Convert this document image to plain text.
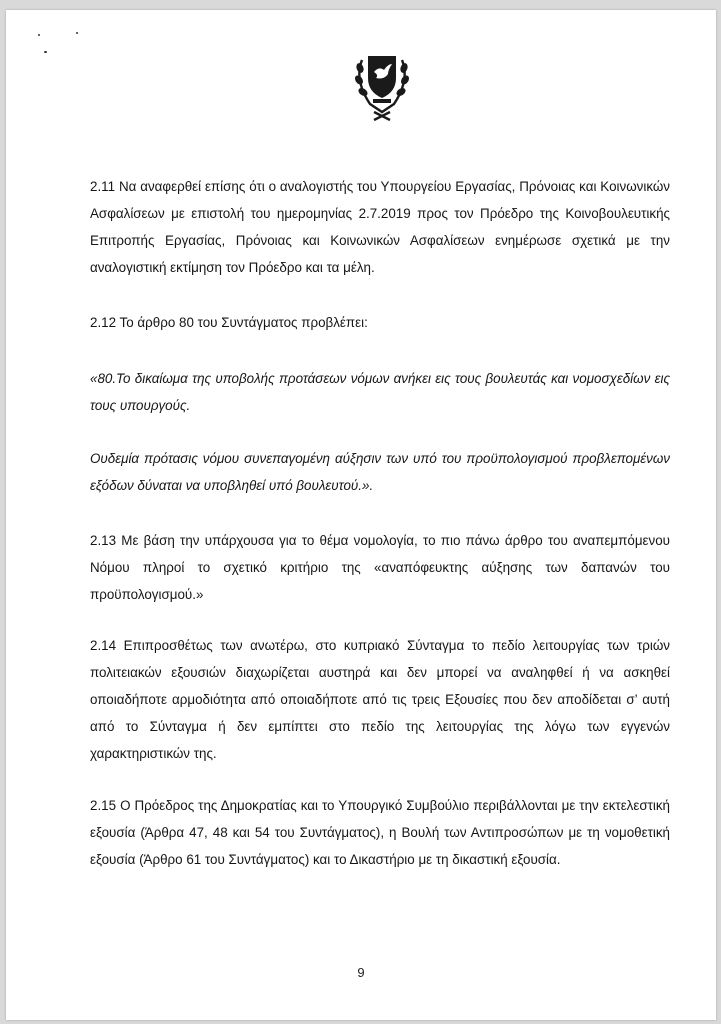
2.11 Να αναφερθεί επίσης ότι ο αναλογιστής του Υπουργείου Εργασίας, Πρόνοιας και Κοινωνικών Ασφαλίσεων με επιστολή του ημερομηνίας 2.7.2019 προς τον Πρόεδρο της Κοινοβουλευτικής Επιτροπής Εργασίας, Πρόνοιας και Κοινωνικών Ασφαλίσεων ενημέρωσε σχετικά με την αναλογιστική εκτίμηση τον Πρόεδρο και τα μέλη.

2.12 Το άρθρο 80 του Συντάγματος προβλέπει:

«80.Το δικαίωμα της υποβολής προτάσεων νόμων ανήκει εις τους βουλευτάς και νομοσχεδίων εις τους υπουργούς.

Ουδεμία πρότασις νόμου συνεπαγομένη αύξησιν των υπό του προϋπολογισμού προβλεπομένων εξόδων δύναται να υποβληθεί υπό βουλευτού.».

2.13 Με βάση την υπάρχουσα για το θέμα νομολογία, το πιο πάνω άρθρο του αναπεμπόμενου Νόμου πληροί το σχετικό κριτήριο της «αναπόφευκτης αύξησης των δαπανών του προϋπολογισμού.»

2.14 Επιπροσθέτως των ανωτέρω, στο κυπριακό Σύνταγμα το πεδίο λειτουργίας των τριών πολιτειακών εξουσιών διαχωρίζεται αυστηρά και δεν μπορεί να αναληφθεί ή να ασκηθεί οποιαδήποτε αρμοδιότητα από οποιαδήποτε από τις τρεις Εξουσίες που δεν αποδίδεται σ’ αυτή από το Σύνταγμα ή δεν εμπίπτει στο πεδίο της λειτουργίας της λόγω των εγγενών χαρακτηριστικών της.

2.15 Ο Πρόεδρος της Δημοκρατίας και το Υπουργικό Συμβούλιο περιβάλλονται με την εκτελεστική εξουσία (Άρθρα 47, 48 και 54 του Συντάγματος), η Βουλή των Αντιπροσώπων με τη νομοθετική εξουσία (Άρθρο 61 του Συντάγματος) και το Δικαστήριο με τη δικαστική εξουσία.

9
